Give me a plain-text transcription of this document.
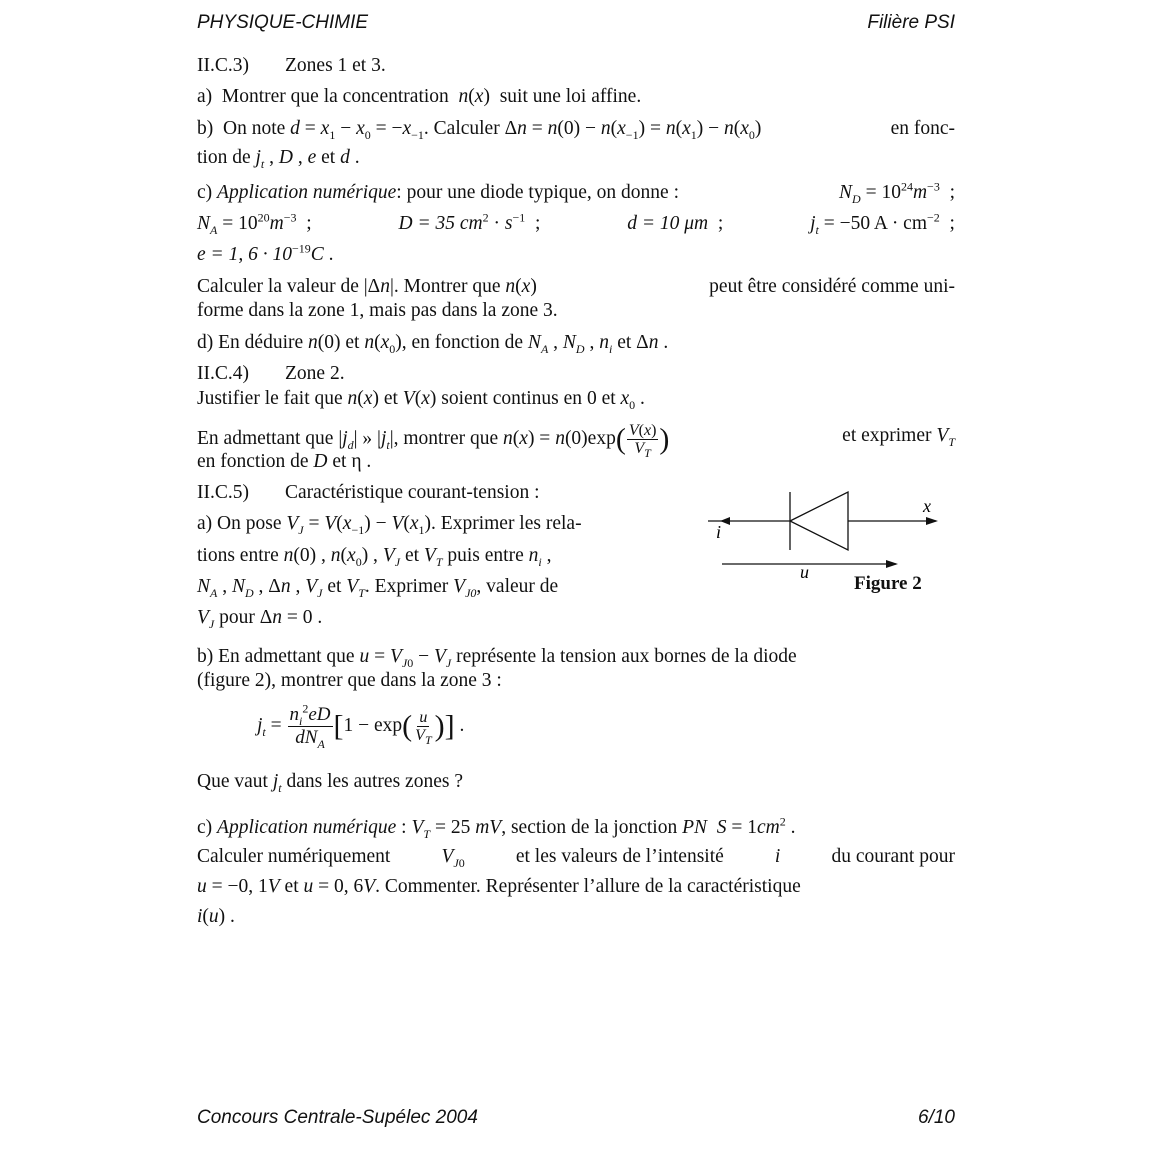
PHYSIQUE-CHIMIE	Filière PSI
II.C.3) Zones 1 et 3.
a) Montrer que la concentration n(x)  suit une loi affine.
b) On note $d = x_1 - x_0 = -x_{-1}$. Calculer $\Delta n = n(0) - n(x_{-1}) = n(x_1) - n(x_0)$	en fonc-
tion de $j_t$ , D , e et d .
c) Application numérique: pour une diode typique, on donne :	$N_D = 10^{24}m^{-3}$  ;
$N_A = 10^{20}m^{-3}$  ;	D = 35 $cm^2 \cdot s^{-1}$  ;	d = 10 μm  ;	$j_t = -50$ $A \cdot cm^{-2}$  ;
e = 1, $6 \cdot 10^{-19}C$ .
Calculer la valeur de |Δn|. Montrer que n(x)	peut être considéré comme uni-
forme dans la zone 1, mais pas dans la zone 3.
d) En déduire n(0) et $n(x_0)$, en fonction de $N_A$ , $N_D$ , $n_i$ et Δn .
II.C.4) Zone 2.
Justifier le fait que n(x) et V(x) soient continus en 0 et $x_0$ .
En admettant que $|j_d|$ » $|j_t|$, montrer que $n(x) = n(0)\exp( \frac{V(x)}{V_T}$ )	et exprimer $V_T$
en fonction de D et η .
II.C.5) Caractéristique courant-tension :
a) On pose $V_J = V(x_{-1}) - V(x_1)$. Exprimer les rela-
tions entre n(0) , $n(x_0)$ , $V_J$ et $V_T$ puis entre $n_i$ ,
$N_A$ , $N_D$ , Δn , $V_J$ et $V_T$. Exprimer $V_{J0}$, valeur de
$V_J$ pour Δn = 0 .
x
i
u
Figure 2
b) En admettant que $u = V_{J0} - V_J$ représente la tension aux bornes de la diode
(figure 2), montrer que dans la zone 3 :
$j_t = \frac{n_i^2eD}{dN_A} [1 - \exp( \frac{u}{V_T}$ )] .
Que vaut $j_t$ dans les autres zones ?
c) Application numérique : $V_T = 25$ mV, section de la jonction PN $S = 1cm^2$ .
Calculer numériquement	$V_{J0}$	et les valeurs de l’intensité	i	du courant pour
u = −0, 1V et u = 0, 6V. Commenter. Représenter l’allure de la caractéristique
i(u) .
Concours Centrale-Supélec 2004	6/10
